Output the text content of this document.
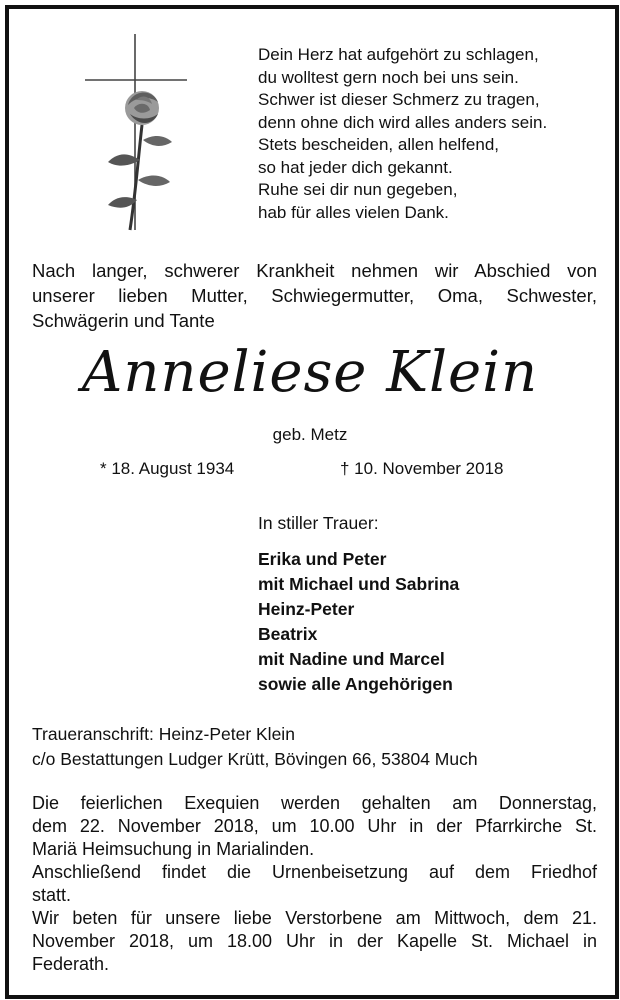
Dein Herz hat aufgehört zu schlagen,
du wolltest gern noch bei uns sein.
Schwer ist dieser Schmerz zu tragen,
denn ohne dich wird alles anders sein.
Stets bescheiden, allen helfend,
so hat jeder dich gekannt.
Ruhe sei dir nun gegeben,
hab für alles vielen Dank.
Nach langer, schwerer Krankheit nehmen wir Abschied von
unserer lieben Mutter, Schwiegermutter, Oma, Schwester,
Schwägerin und Tante
Anneliese Klein
geb. Metz
* 18. August 1934	† 10. November 2018
In stiller Trauer:
Erika und Peter
mit Michael und Sabrina
Heinz-Peter
Beatrix
mit Nadine und Marcel
sowie alle Angehörigen
Traueranschrift: Heinz-Peter Klein
c/o Bestattungen Ludger Krütt, Bövingen 66, 53804 Much
Die feierlichen Exequien werden gehalten am Donnerstag,
dem 22. November 2018, um 10.00 Uhr in der Pfarrkirche St.
Mariä Heimsuchung in Marialinden.
Anschließend findet die Urnenbeisetzung auf dem Friedhof
statt.
Wir beten für unsere liebe Verstorbene am Mittwoch, dem 21.
November 2018, um 18.00 Uhr in der Kapelle St. Michael in
Federath.
